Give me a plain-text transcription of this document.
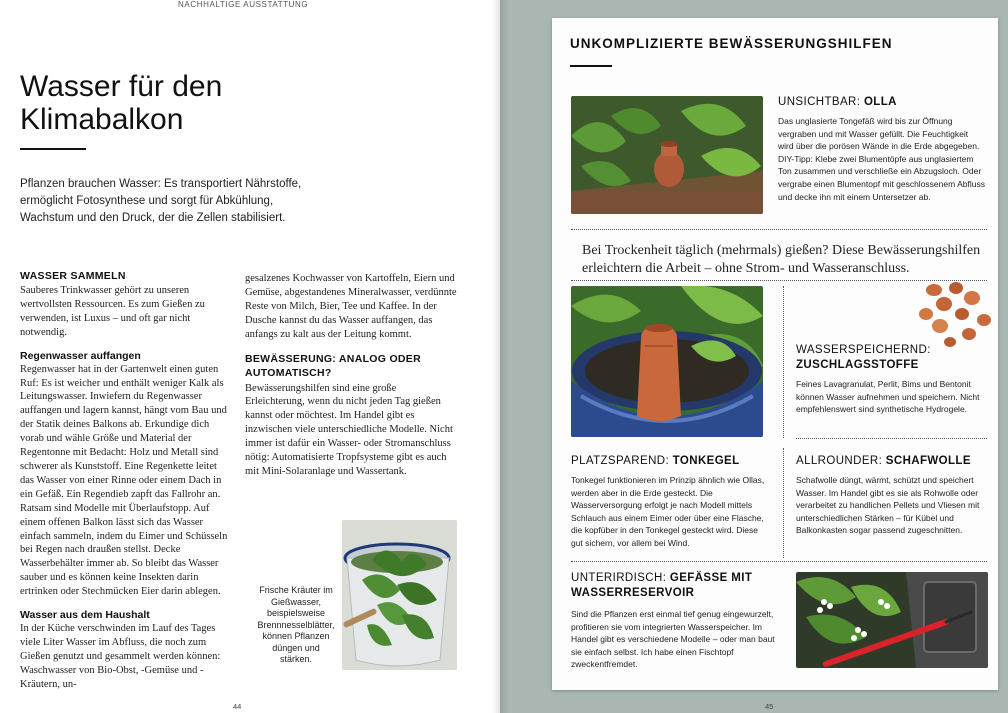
NACHHALTIGE AUSSTATTUNG
Wasser für den
Klimabalkon
Pflanzen brauchen Wasser: Es transportiert Nährstoffe, ermöglicht Fotosynthese und sorgt für Abkühlung, Wachstum und den Druck, der die Zellen stabilisiert.
WASSER SAMMELN
Sauberes Trinkwasser gehört zu unseren wertvollsten Ressourcen. Es zum Gießen zu verwenden, ist Luxus – und oft gar nicht notwendig.
Regenwasser auffangen
Regenwasser hat in der Gartenwelt einen guten Ruf: Es ist weicher und enthält weniger Kalk als Leitungswasser. Inwiefern du Regenwasser auffangen und lagern kannst, hängt vom Bau und der Statik deines Balkons ab. Erkundige dich vorab und wähle Größe und Material der Regentonne mit Bedacht: Holz und Metall sind schwerer als Kunststoff. Eine Regenkette leitet das Wasser von einer Rinne oder einem Dach in ein Gefäß. Ein Regendieb zapft das Fallrohr an. Ratsam sind Modelle mit Überlaufstopp. Auf einem offenen Balkon lässt sich das Wasser einfach sammeln, indem du Eimer und Schüsseln bei Regen nach draußen stellst. Decke Wasserbehälter immer ab. So bleibt das Wasser sauber und es können keine Insekten darin ertrinken oder Stechmücken Eier darin ablegen.
Wasser aus dem Haushalt
In der Küche verschwinden im Lauf des Tages viele Liter Wasser im Abfluss, die noch zum Gießen genutzt und gesammelt werden können: Waschwasser von Bio-Obst, -Gemüse und -Kräutern, un-
gesalzenes Kochwasser von Kartoffeln, Eiern und Gemüse, abgestandenes Mineralwasser, verdünnte Reste von Milch, Bier, Tee und Kaffee. In der Dusche kannst du das Wasser auffangen, das anfangs zu kalt aus der Leitung kommt.
BEWÄSSERUNG: ANALOG ODER AUTOMATISCH?
Bewässerungshilfen sind eine große Erleichterung, wenn du nicht jeden Tag gießen kannst oder möchtest. Im Handel gibt es inzwischen viele unterschiedliche Modelle. Nicht immer ist dafür ein Wasser- oder Stromanschluss nötig: Automatisierte Tropfsysteme gibt es auch mit Mini-Solaranlage und Wassertank.
Frische Kräuter im Gießwasser, beispielsweise Brennnesselblätter, können Pflanzen düngen und stärken.
44
UNKOMPLIZIERTE BEWÄSSERUNGSHILFEN
UNSICHTBAR: OLLA
Das unglasierte Tongefäß wird bis zur Öffnung vergraben und mit Wasser gefüllt. Die Feuchtigkeit wird über die porösen Wände in die Erde abgegeben. DIY-Tipp: Klebe zwei Blumentöpfe aus unglasiertem Ton zusammen und verschließe ein Abzugsloch. Oder vergrabe einen Blumentopf mit geschlossenem Abfluss und decke ihn mit einem Untersetzer ab.
Bei Trockenheit täglich (mehrmals) gießen? Diese Bewässerungshilfen erleichtern die Arbeit – ohne Strom- und Wasseranschluss.
WASSERSPEICHERND:
ZUSCHLAGSSTOFFE
Feines Lavagranulat, Perlit, Bims und Bentonit können Wasser aufnehmen und speichern. Nicht empfehlenswert sind synthetische Hydrogele.
PLATZSPAREND: TONKEGEL
Tonkegel funktionieren im Prinzip ähnlich wie Ollas, werden aber in die Erde gesteckt. Die Wasserversorgung erfolgt je nach Modell mittels Schlauch aus einem Eimer oder über eine Flasche, die kopfüber in den Tonkegel gesteckt wird. Diese gut sichern, vor allem bei Wind.
ALLROUNDER: SCHAFWOLLE
Schafwolle düngt, wärmt, schützt und speichert Wasser. Im Handel gibt es sie als Rohwolle oder verarbeitet zu handlichen Pellets und Vliesen mit unterschiedlichen Stärken – für Kübel und Balkonkasten sogar passend zugeschnitten.
UNTERIRDISCH: GEFÄSSE MIT
WASSERRESERVOIR
Sind die Pflanzen erst einmal tief genug eingewurzelt, profitieren sie vom integrierten Wasserspeicher. Im Handel gibt es verschiedene Modelle – oder man baut sie einfach selbst. Ich habe einen Fischtopf zweckentfremdet.
45
